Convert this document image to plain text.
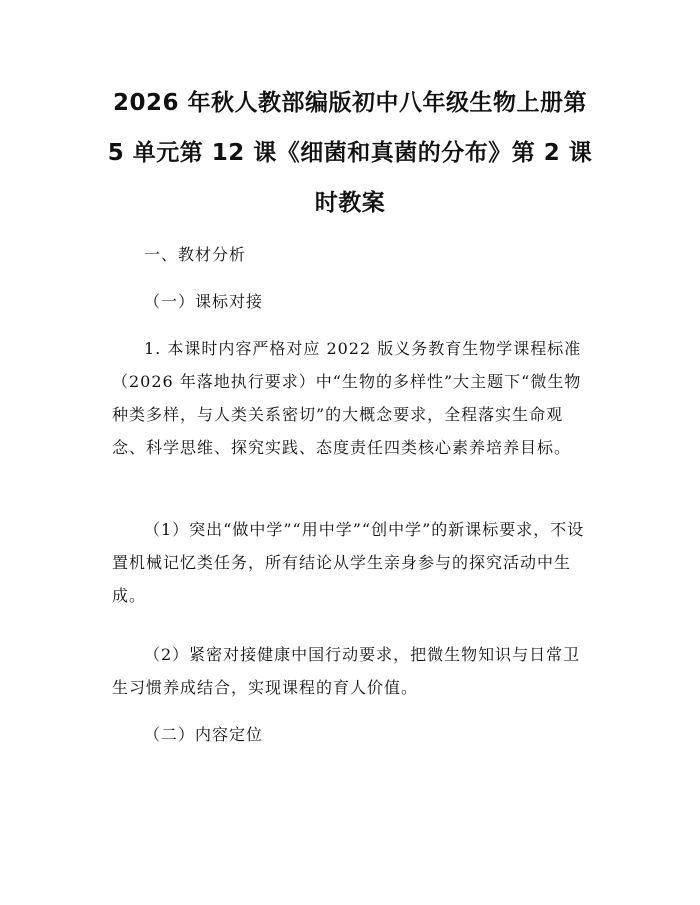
2026 年秋人教部编版初中八年级生物上册第
5 单元第 12 课《细菌和真菌的分布》第 2 课
时教案
一、教材分析
（一）课标对接
1. 本课时内容严格对应 2022 版义务教育生物学课程标准（2026 年落地执行要求）中“生物的多样性”大主题下“微生物种类多样，与人类关系密切”的大概念要求，全程落实生命观念、科学思维、探究实践、态度责任四类核心素养培养目标。
（1）突出“做中学”“用中学”“创中学”的新课标要求，不设置机械记忆类任务，所有结论从学生亲身参与的探究活动中生成。
（2）紧密对接健康中国行动要求，把微生物知识与日常卫生习惯养成结合，实现课程的育人价值。
（二）内容定位
